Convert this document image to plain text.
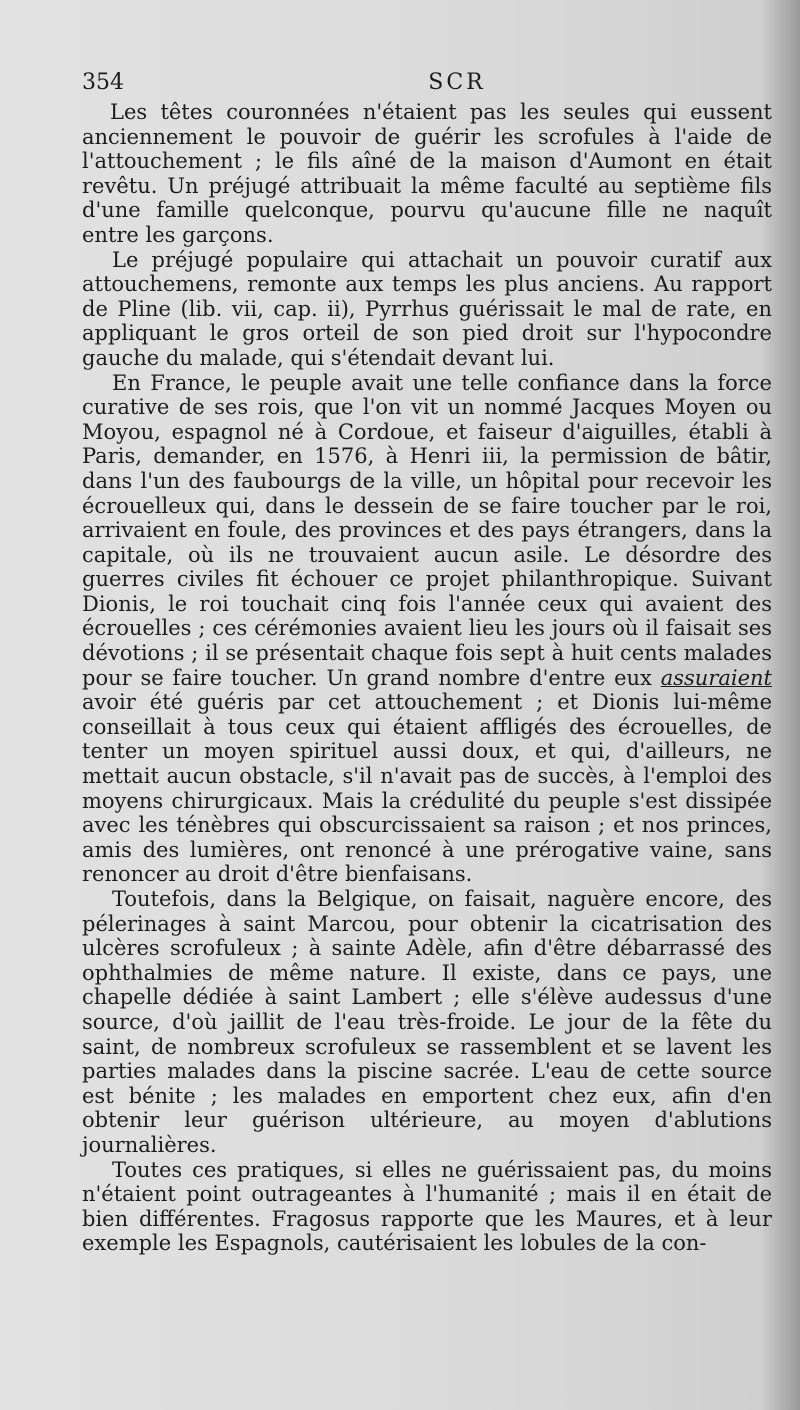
354	SCR

Les têtes couronnées n'étaient pas les seules qui eussent anciennement le pouvoir de guérir les scrofules à l'aide de l'attouchement ; le fils aîné de la maison d'Aumont en était revêtu. Un préjugé attribuait la même faculté au septième fils d'une famille quelconque, pourvu qu'aucune fille ne naquît entre les garçons.

Le préjugé populaire qui attachait un pouvoir curatif aux attouchemens, remonte aux temps les plus anciens. Au rapport de Pline (lib. vii, cap. ii), Pyrrhus guérissait le mal de rate, en appliquant le gros orteil de son pied droit sur l'hypocondre gauche du malade, qui s'étendait devant lui.

En France, le peuple avait une telle confiance dans la force curative de ses rois, que l'on vit un nommé Jacques Moyen ou Moyou, espagnol né à Cordoue, et faiseur d'aiguilles, établi à Paris, demander, en 1576, à Henri iii, la permission de bâtir, dans l'un des faubourgs de la ville, un hôpital pour recevoir les écrouelleux qui, dans le dessein de se faire toucher par le roi, arrivaient en foule, des provinces et des pays étrangers, dans la capitale, où ils ne trouvaient aucun asile. Le désordre des guerres civiles fit échouer ce projet philanthropique. Suivant Dionis, le roi touchait cinq fois l'année ceux qui avaient des écrouelles ; ces cérémonies avaient lieu les jours où il faisait ses dévotions ; il se présentait chaque fois sept à huit cents malades pour se faire toucher. Un grand nombre d'entre eux assuraient avoir été guéris par cet attouchement ; et Dionis lui-même conseillait à tous ceux qui étaient affligés des écrouelles, de tenter un moyen spirituel aussi doux, et qui, d'ailleurs, ne mettait aucun obstacle, s'il n'avait pas de succès, à l'emploi des moyens chirurgicaux. Mais la crédulité du peuple s'est dissipée avec les ténèbres qui obscurcissaient sa raison ; et nos princes, amis des lumières, ont renoncé à une prérogative vaine, sans renoncer au droit d'être bienfaisans.

Toutefois, dans la Belgique, on faisait, naguère encore, des pélerinages à saint Marcou, pour obtenir la cicatrisation des ulcères scrofuleux ; à sainte Adèle, afin d'être débarrassé des ophthalmies de même nature. Il existe, dans ce pays, une chapelle dédiée à saint Lambert ; elle s'élève audessus d'une source, d'où jaillit de l'eau très-froide. Le jour de la fête du saint, de nombreux scrofuleux se rassemblent et se lavent les parties malades dans la piscine sacrée. L'eau de cette source est bénite ; les malades en emportent chez eux, afin d'en obtenir leur guérison ultérieure, au moyen d'ablutions journalières.

Toutes ces pratiques, si elles ne guérissaient pas, du moins n'étaient point outrageantes à l'humanité ; mais il en était de bien différentes. Fragosus rapporte que les Maures, et à leur exemple les Espagnols, cautérisaient les lobules de la con-
